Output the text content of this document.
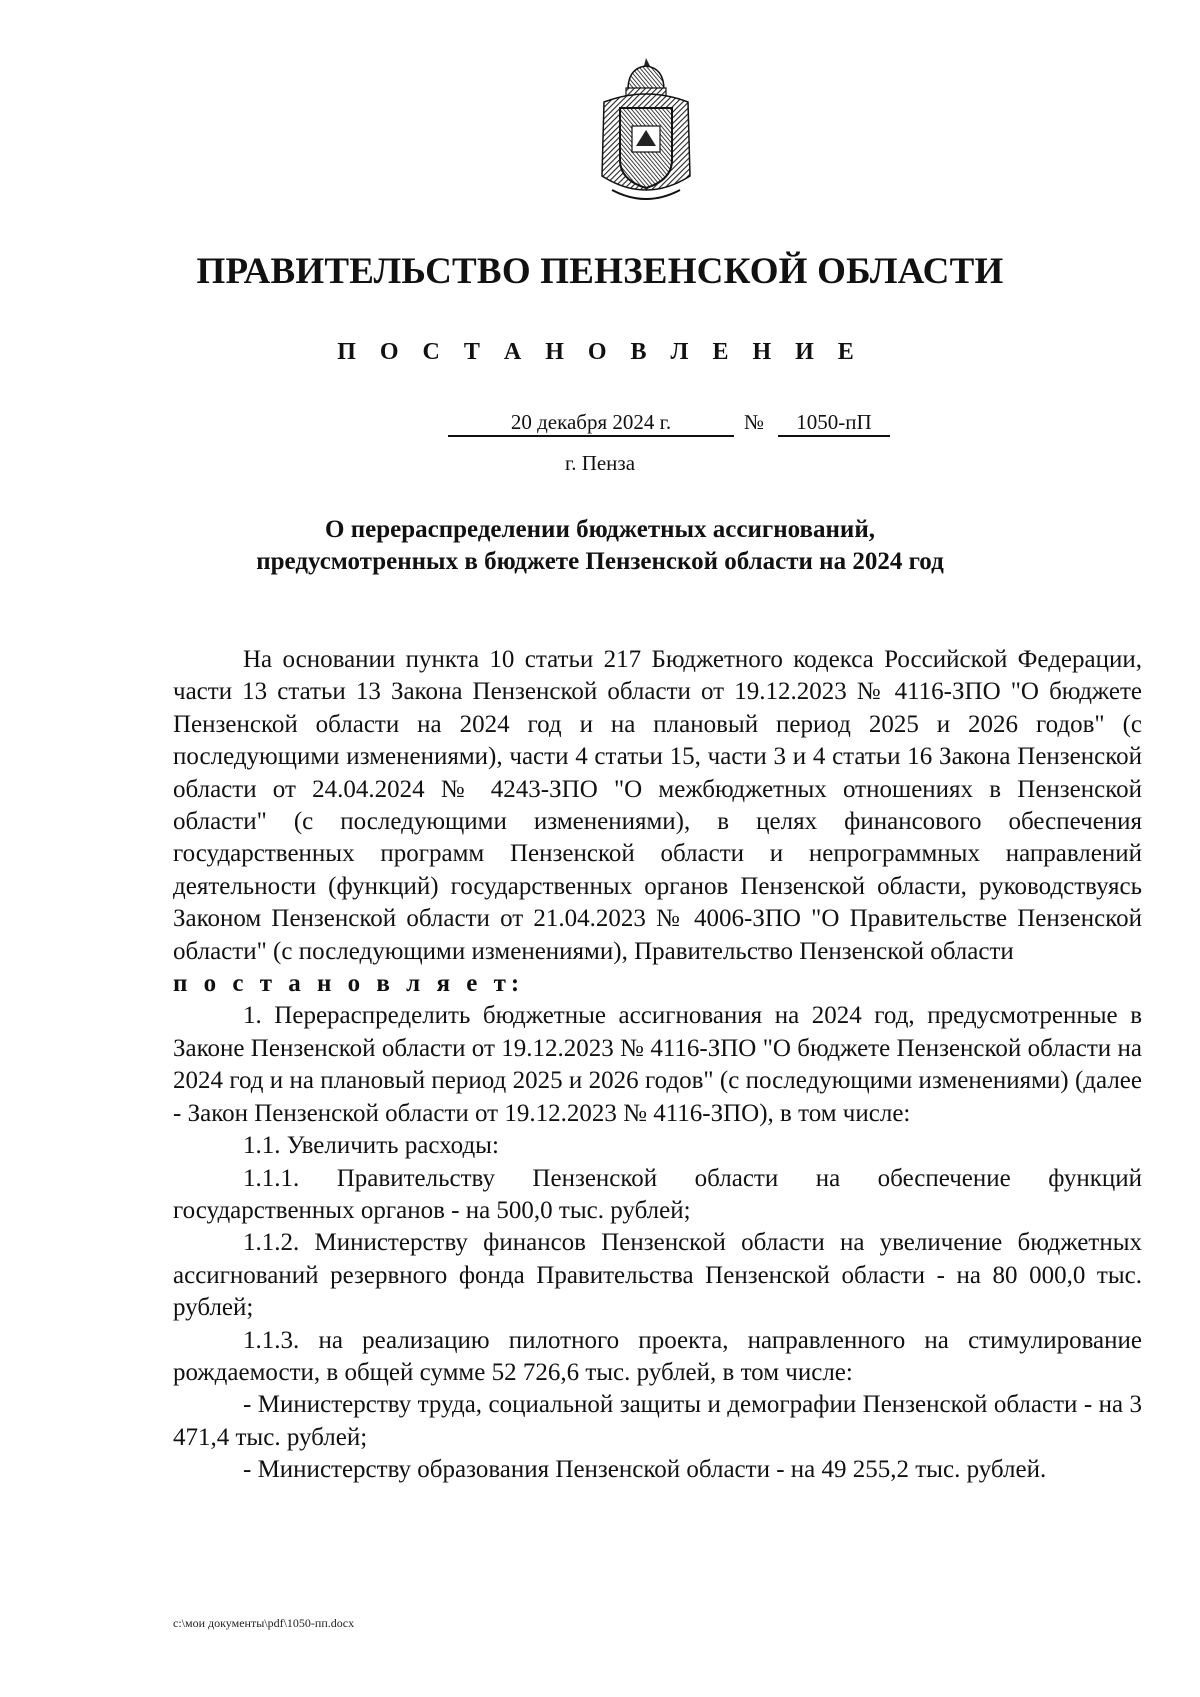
ПРАВИТЕЛЬСТВО ПЕНЗЕНСКОЙ ОБЛАСТИ
П О С Т А Н О В Л Е Н И Е
20 декабря 2024 г.	№	1050-пП
г. Пенза
О перераспределении бюджетных ассигнований,
предусмотренных в бюджете Пензенской области на 2024 год

На основании пункта 10 статьи 217 Бюджетного кодекса Российской Федерации, части 13 статьи 13 Закона Пензенской области от 19.12.2023 № 4116-ЗПО "О бюджете Пензенской области на 2024 год и на плановый период 2025 и 2026 годов" (с последующими изменениями), части 4 статьи 15, части 3 и 4 статьи 16 Закона Пензенской области от 24.04.2024 № 4243-ЗПО "О межбюджетных отношениях в Пензенской области" (с последующими изменениями), в целях финансового обеспечения государственных программ Пензенской области и непрограммных направлений деятельности (функций) государственных органов Пензенской области, руководствуясь Законом Пензенской области от 21.04.2023 № 4006-ЗПО "О Правительстве Пензенской области" (с последующими изменениями), Правительство Пензенской области

п о с т а н о в л я е т:

1. Перераспределить бюджетные ассигнования на 2024 год, предусмотренные в Законе Пензенской области от 19.12.2023 № 4116-ЗПО "О бюджете Пензенской области на 2024 год и на плановый период 2025 и 2026 годов" (с последующими изменениями) (далее - Закон Пензенской области от 19.12.2023 № 4116-ЗПО), в том числе:

1.1. Увеличить расходы:

1.1.1. Правительству Пензенской области на обеспечение функций государственных органов - на 500,0 тыс. рублей;

1.1.2. Министерству финансов Пензенской области на увеличение бюджетных ассигнований резервного фонда Правительства Пензенской области - на 80 000,0 тыс. рублей;

1.1.3. на реализацию пилотного проекта, направленного на стимулирование рождаемости, в общей сумме 52 726,6 тыс. рублей, в том числе:

- Министерству труда, социальной защиты и демографии Пензенской области - на 3 471,4 тыс. рублей;

- Министерству образования Пензенской области - на 49 255,2 тыс. рублей.

c:\мои документы\pdf\1050-пп.docx
